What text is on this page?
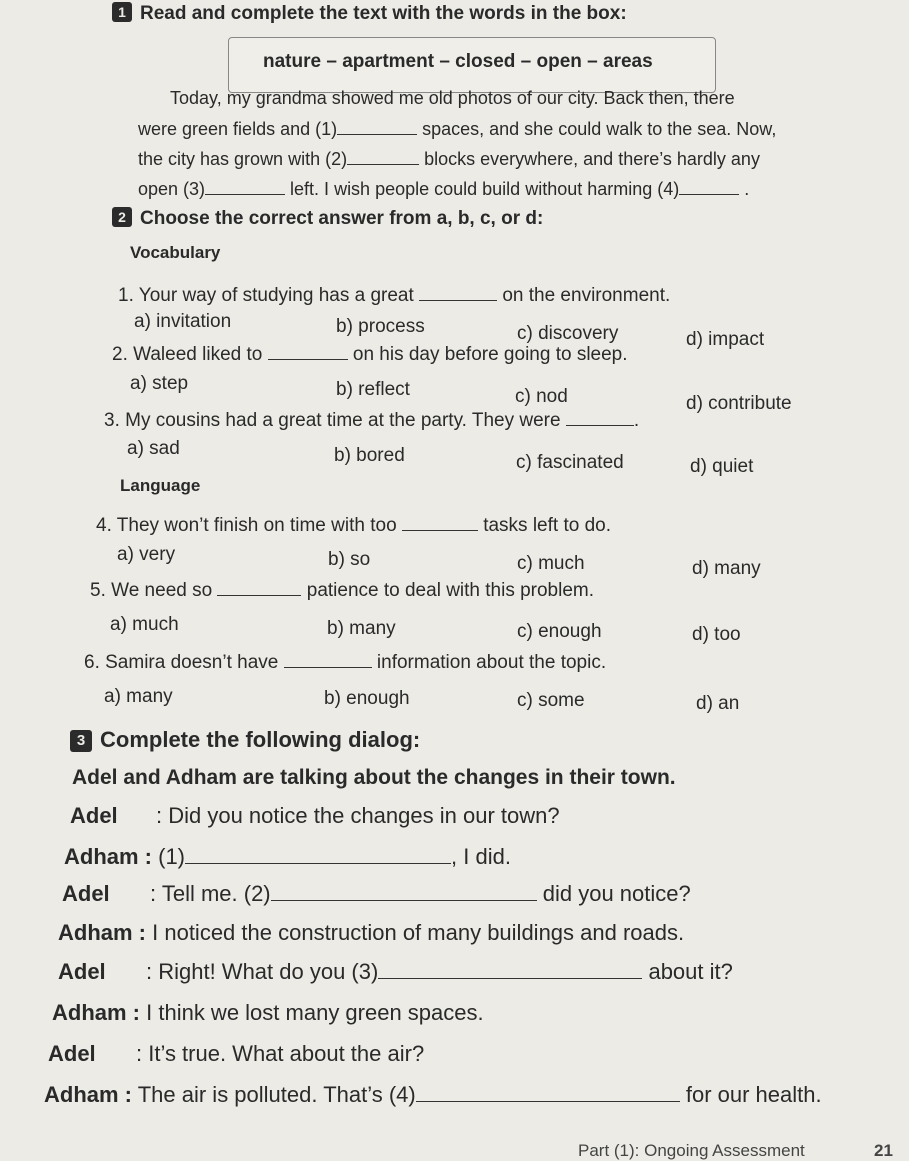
1 Read and complete the text with the words in the box:
nature – apartment – closed – open – areas
Today, my grandma showed me old photos of our city. Back then, there
were green fields and (1)	spaces, and she could walk to the sea. Now,
the city has grown with (2)	blocks everywhere, and there’s hardly any
open (3)	left. I wish people could build without harming (4)	.
2 Choose the correct answer from a, b, c, or d:
Vocabulary
1. Your way of studying has a great	on the environment.
a) invitation	b) process	c) discovery	d) impact
2. Waleed liked to	on his day before going to sleep.
a) step	b) reflect	c) nod	d) contribute
3. My cousins had a great time at the party. They were	.
a) sad	b) bored	c) fascinated	d) quiet
Language
4. They won’t finish on time with too	tasks left to do.
a) very	b) so	c) much	d) many
5. We need so	patience to deal with this problem.
a) much	b) many	c) enough	d) too
6. Samira doesn’t have	information about the topic.
a) many	b) enough	c) some	d) an
3 Complete the following dialog:
Adel and Adham are talking about the changes in their town.
Adel : Did you notice the changes in our town?
Adham : (1)	, I did.
Adel : Tell me. (2)	did you notice?
Adham : I noticed the construction of many buildings and roads.
Adel : Right! What do you (3)	about it?
Adham : I think we lost many green spaces.
Adel : It’s true. What about the air?
Adham : The air is polluted. That’s (4)	for our health.
Part (1): Ongoing Assessment	21
